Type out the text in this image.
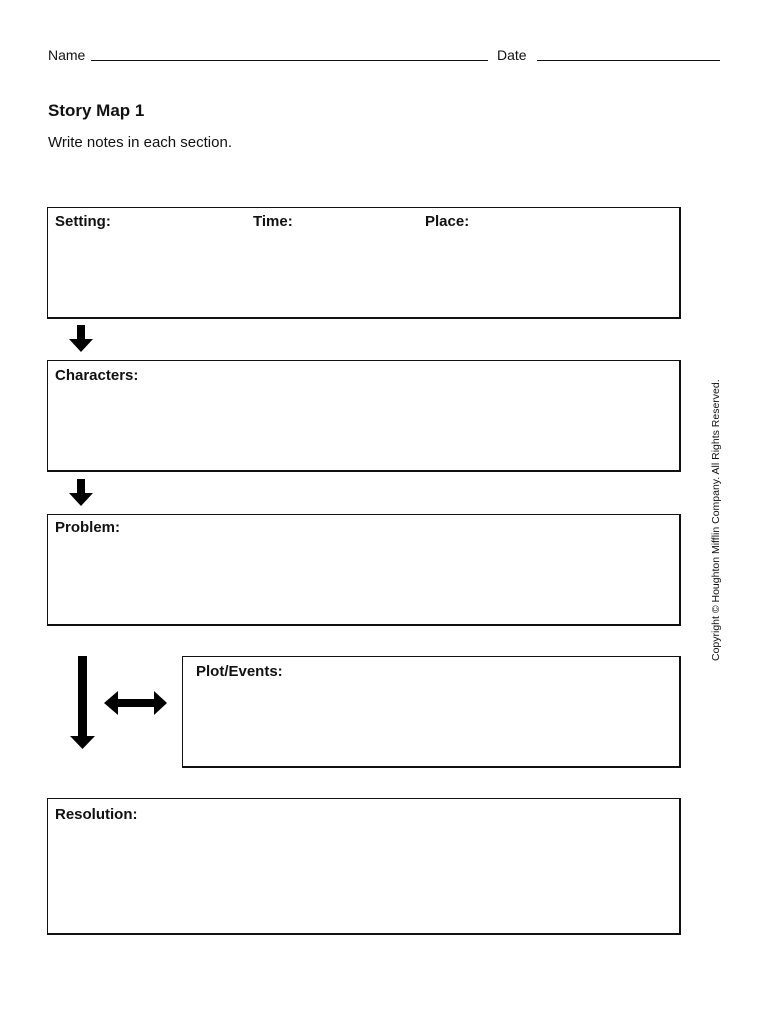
Name	Date
Story Map 1
Write notes in each section.
Setting:	Time:	Place:
Characters:
Problem:
Plot/Events:
Resolution:
Copyright © Houghton Mifflin Company. All Rights Reserved.
